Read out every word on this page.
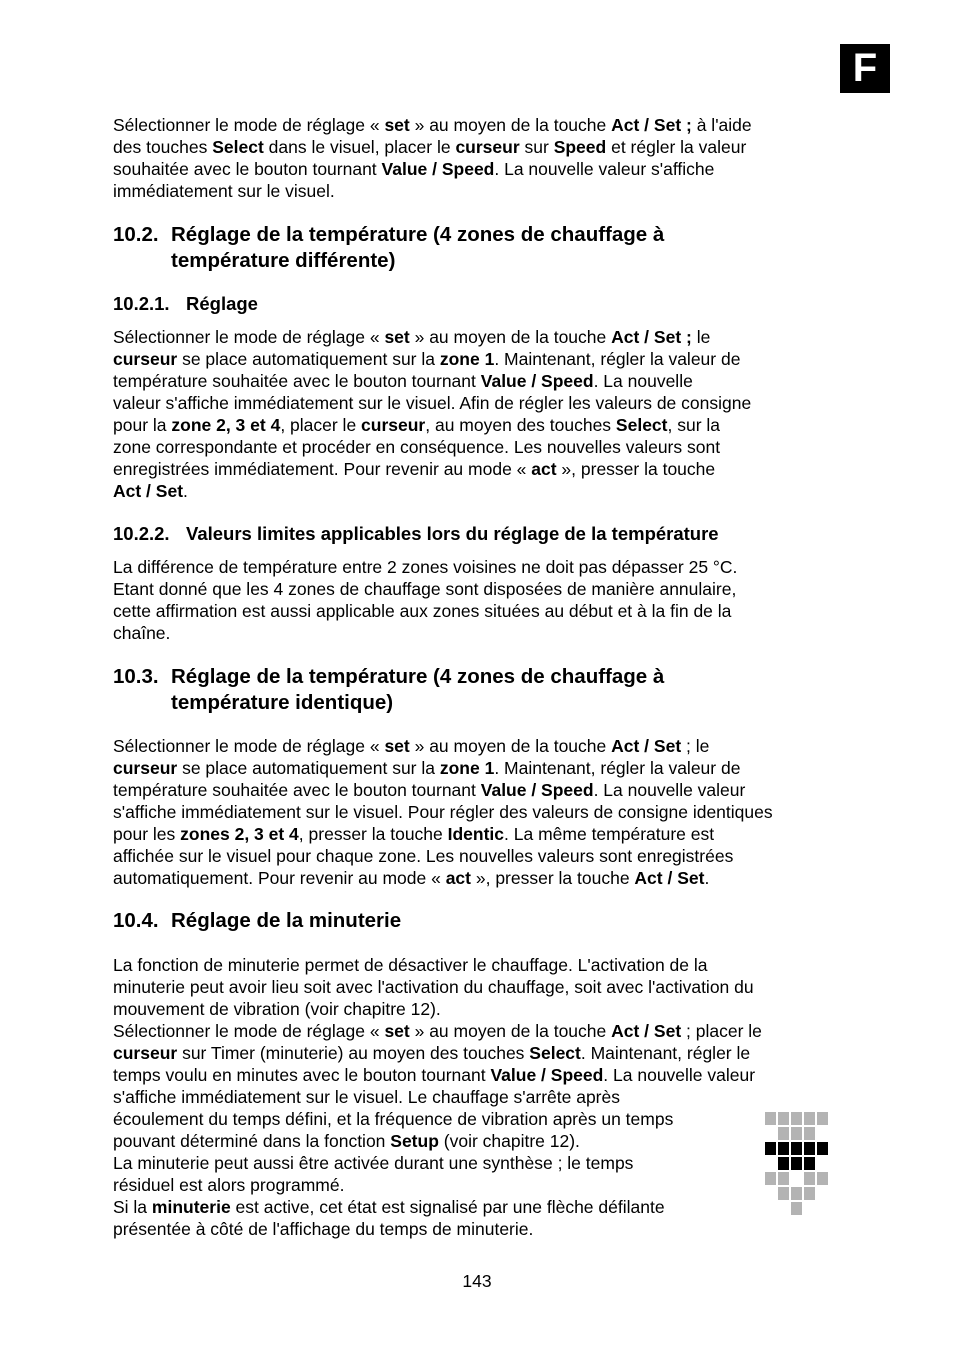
F
Sélectionner le mode de réglage « set » au moyen de la touche Act / Set ; à l'aide
des touches Select dans le visuel, placer le curseur sur Speed et régler la valeur
souhaitée avec le bouton tournant Value / Speed. La nouvelle valeur s'affiche
immédiatement sur le visuel.
10.2. Réglage de la température (4 zones de chauffage à
température différente)
10.2.1. Réglage
Sélectionner le mode de réglage « set » au moyen de la touche Act / Set ; le
curseur se place automatiquement sur la zone 1. Maintenant, régler la valeur de
température souhaitée avec le bouton tournant Value / Speed. La nouvelle
valeur s'affiche immédiatement sur le visuel. Afin de régler les valeurs de consigne
pour la zone 2, 3 et 4, placer le curseur, au moyen des touches Select, sur la
zone correspondante et procéder en conséquence. Les nouvelles valeurs sont
enregistrées immédiatement. Pour revenir au mode « act », presser la touche
Act / Set.
10.2.2. Valeurs limites applicables lors du réglage de la température
La différence de température entre 2 zones voisines ne doit pas dépasser 25 °C.
Etant donné que les 4 zones de chauffage sont disposées de manière annulaire,
cette affirmation est aussi applicable aux zones situées au début et à la fin de la
chaîne.
10.3. Réglage de la température (4 zones de chauffage à
température identique)
Sélectionner le mode de réglage « set » au moyen de la touche Act / Set ; le
curseur se place automatiquement sur la zone 1. Maintenant, régler la valeur de
température souhaitée avec le bouton tournant Value / Speed. La nouvelle valeur
s'affiche immédiatement sur le visuel. Pour régler des valeurs de consigne identiques
pour les zones 2, 3 et 4, presser la touche Identic. La même température est
affichée sur le visuel pour chaque zone. Les nouvelles valeurs sont enregistrées
automatiquement. Pour revenir au mode « act », presser la touche Act / Set.
10.4. Réglage de la minuterie
La fonction de minuterie permet de désactiver le chauffage. L'activation de la
minuterie peut avoir lieu soit avec l'activation du chauffage, soit avec l'activation du
mouvement de vibration (voir chapitre 12).
Sélectionner le mode de réglage « set » au moyen de la touche Act / Set ; placer le
curseur sur Timer (minuterie) au moyen des touches Select. Maintenant, régler le
temps voulu en minutes avec le bouton tournant Value / Speed. La nouvelle valeur
s'affiche immédiatement sur le visuel. Le chauffage s'arrête après
écoulement du temps défini, et la fréquence de vibration après un temps
pouvant déterminé dans la fonction Setup (voir chapitre 12).
La minuterie peut aussi être activée durant une synthèse ; le temps
résiduel est alors programmé.
Si la minuterie est active, cet état est signalisé par une flèche défilante
présentée à côté de l'affichage du temps de minuterie.
143
